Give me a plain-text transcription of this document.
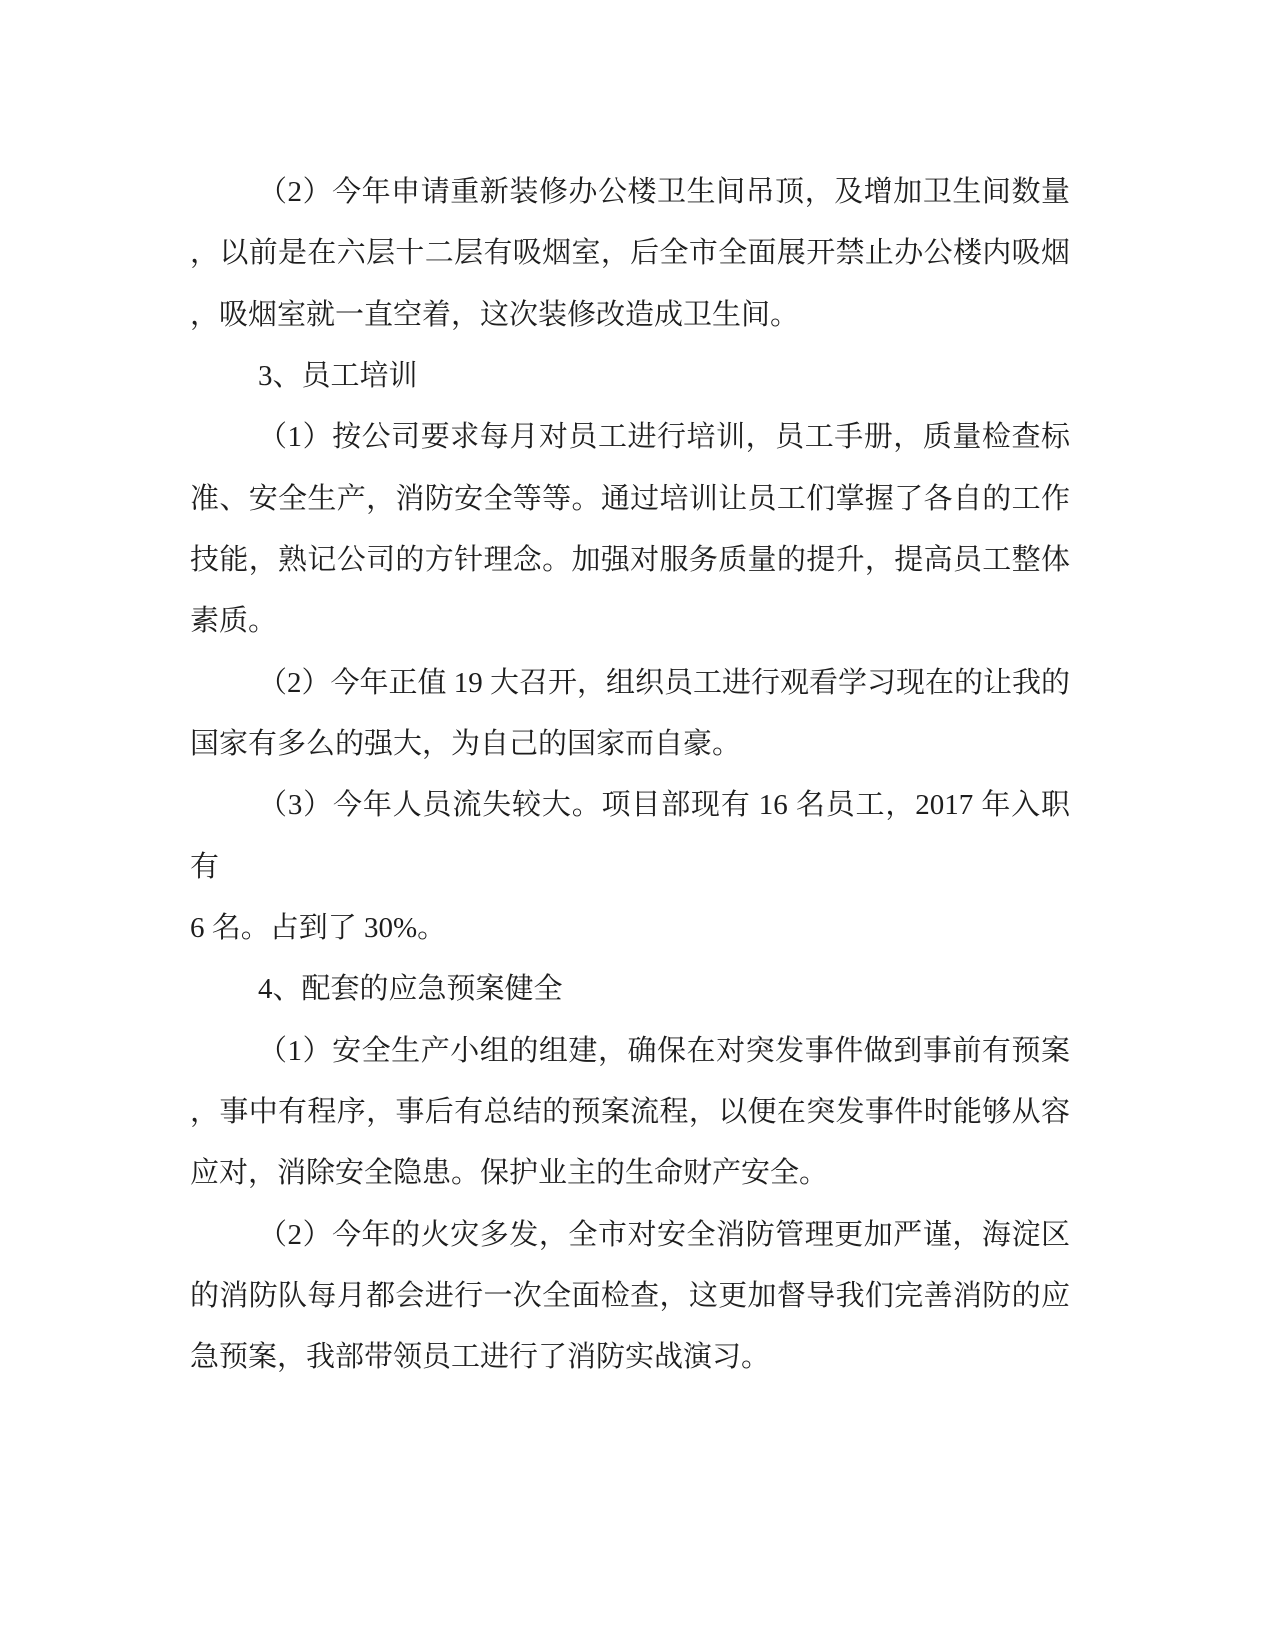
（2）今年申请重新装修办公楼卫生间吊顶，及增加卫生间数量
，以前是在六层十二层有吸烟室，后全市全面展开禁止办公楼内吸烟
，吸烟室就一直空着，这次装修改造成卫生间。
3、员工培训
（1）按公司要求每月对员工进行培训，员工手册，质量检查标
准、安全生产，消防安全等等。通过培训让员工们掌握了各自的工作
技能，熟记公司的方针理念。加强对服务质量的提升，提高员工整体
素质。
（2）今年正值 19 大召开，组织员工进行观看学习现在的让我的
国家有多么的强大，为自己的国家而自豪。
（3）今年人员流失较大。项目部现有 16 名员工，2017 年入职有
6 名。占到了 30%。
4、配套的应急预案健全
（1）安全生产小组的组建，确保在对突发事件做到事前有预案
，事中有程序，事后有总结的预案流程，以便在突发事件时能够从容
应对，消除安全隐患。保护业主的生命财产安全。
（2）今年的火灾多发，全市对安全消防管理更加严谨，海淀区
的消防队每月都会进行一次全面检查，这更加督导我们完善消防的应
急预案，我部带领员工进行了消防实战演习。
